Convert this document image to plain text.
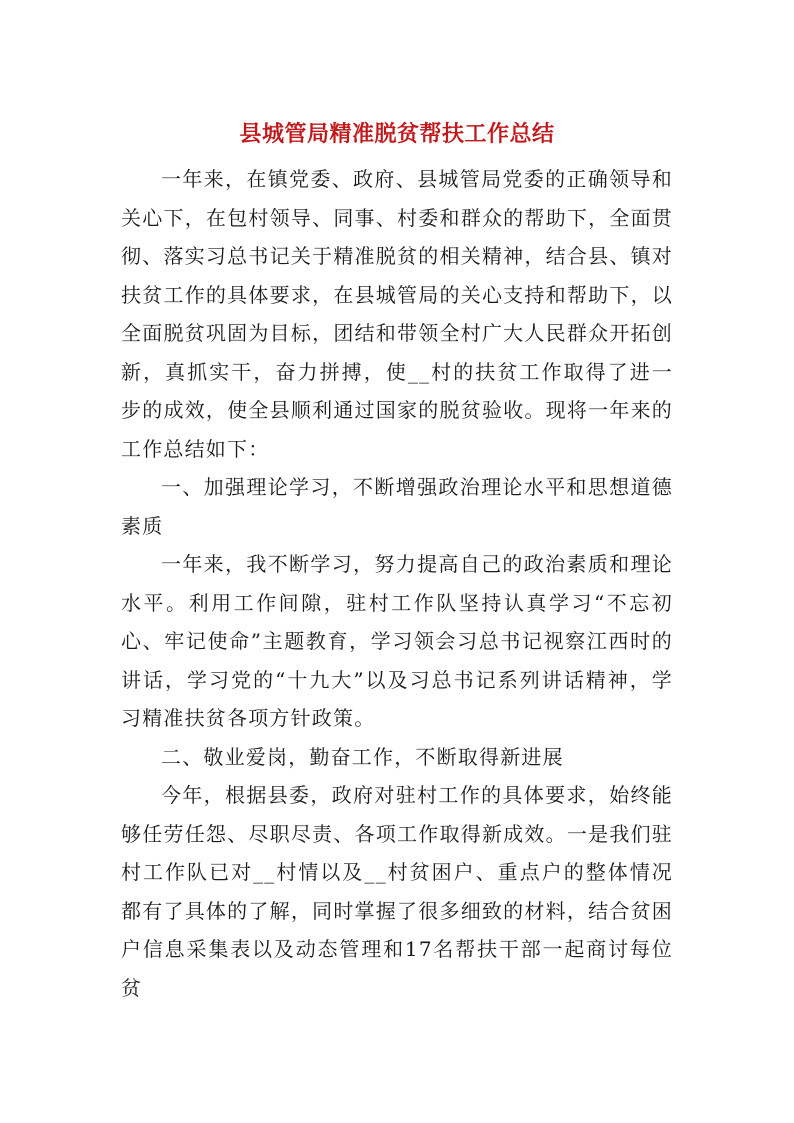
县城管局精准脱贫帮扶工作总结

一年来，在镇党委、政府、县城管局党委的正确领导和关心下，在包村领导、同事、村委和群众的帮助下，全面贯彻、落实习总书记关于精准脱贫的相关精神，结合县、镇对扶贫工作的具体要求，在县城管局的关心支持和帮助下，以全面脱贫巩固为目标，团结和带领全村广大人民群众开拓创新，真抓实干，奋力拼搏，使__村的扶贫工作取得了进一步的成效，使全县顺利通过国家的脱贫验收。现将一年来的工作总结如下：

一、加强理论学习，不断增强政治理论水平和思想道德素质

一年来，我不断学习，努力提高自己的政治素质和理论水平。利用工作间隙，驻村工作队坚持认真学习“不忘初心、牢记使命”主题教育，学习领会习总书记视察江西时的讲话，学习党的“十九大”以及习总书记系列讲话精神，学习精准扶贫各项方针政策。

二、敬业爱岗，勤奋工作，不断取得新进展

今年，根据县委，政府对驻村工作的具体要求，始终能够任劳任怨、尽职尽责、各项工作取得新成效。一是我们驻村工作队已对__村情以及__村贫困户、重点户的整体情况都有了具体的了解，同时掌握了很多细致的材料，结合贫困户信息采集表以及动态管理和17名帮扶干部一起商讨每位贫
